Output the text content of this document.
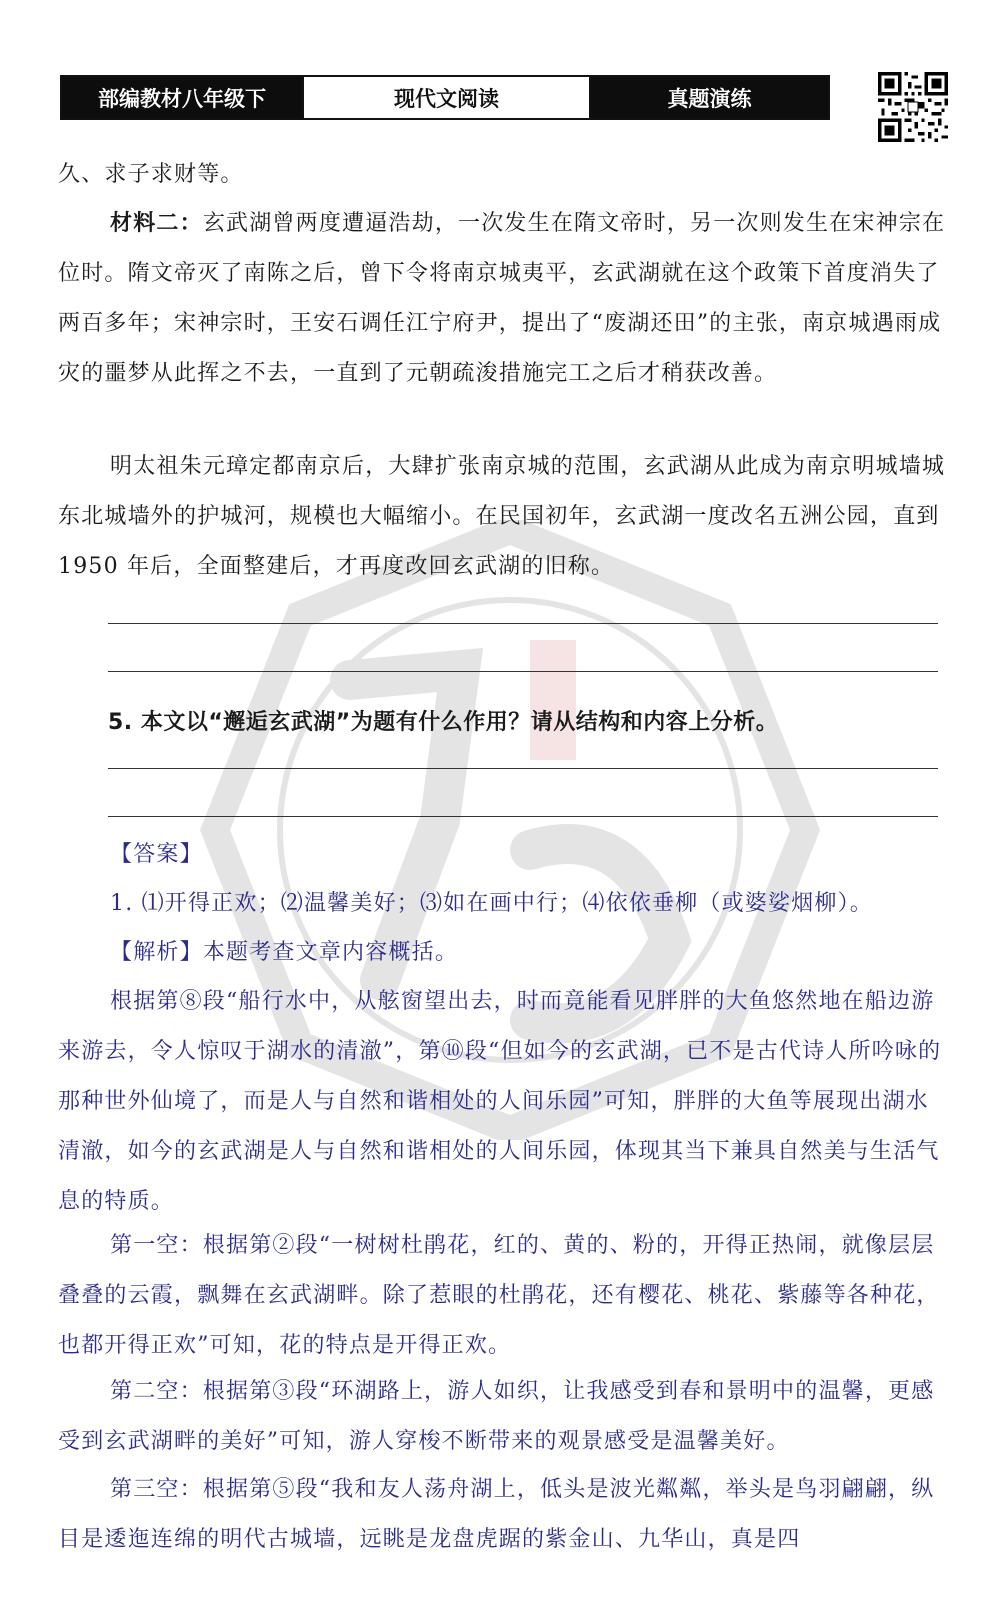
部编教材八年级下	现代文阅读	真题演练

久、求子求财等。

材料二：玄武湖曾两度遭逼浩劫，一次发生在隋文帝时，另一次则发生在宋神宗在位时。隋文帝灭了南陈之后，曾下令将南京城夷平，玄武湖就在这个政策下首度消失了两百多年；宋神宗时，王安石调任江宁府尹，提出了“废湖还田”的主张，南京城遇雨成灾的噩梦从此挥之不去，一直到了元朝疏浚措施完工之后才稍获改善。

明太祖朱元璋定都南京后，大肆扩张南京城的范围，玄武湖从此成为南京明城墙城东北城墙外的护城河，规模也大幅缩小。在民国初年，玄武湖一度改名五洲公园，直到 1950 年后，全面整建后，才再度改回玄武湖的旧称。

5. 本文以“邂逅玄武湖”为题有什么作用？请从结构和内容上分析。

【答案】

1. ⑴开得正欢；⑵温馨美好；⑶如在画中行；⑷依依垂柳（或婆娑烟柳）。

【解析】本题考查文章内容概括。

根据第⑧段“船行水中，从舷窗望出去，时而竟能看见胖胖的大鱼悠然地在船边游来游去，令人惊叹于湖水的清澈”，第⑩段“但如今的玄武湖，已不是古代诗人所吟咏的那种世外仙境了，而是人与自然和谐相处的人间乐园”可知，胖胖的大鱼等展现出湖水清澈，如今的玄武湖是人与自然和谐相处的人间乐园，体现其当下兼具自然美与生活气息的特质。

第一空：根据第②段“一树树杜鹃花，红的、黄的、粉的，开得正热闹，就像层层叠叠的云霞，飘舞在玄武湖畔。除了惹眼的杜鹃花，还有樱花、桃花、紫藤等各种花，也都开得正欢”可知，花的特点是开得正欢。

第二空：根据第③段“环湖路上，游人如织，让我感受到春和景明中的温馨，更感受到玄武湖畔的美好”可知，游人穿梭不断带来的观景感受是温馨美好。

第三空：根据第⑤段“我和友人荡舟湖上，低头是波光粼粼，举头是鸟羽翩翩，纵目是逶迤连绵的明代古城墙，远眺是龙盘虎踞的紫金山、九华山，真是四
